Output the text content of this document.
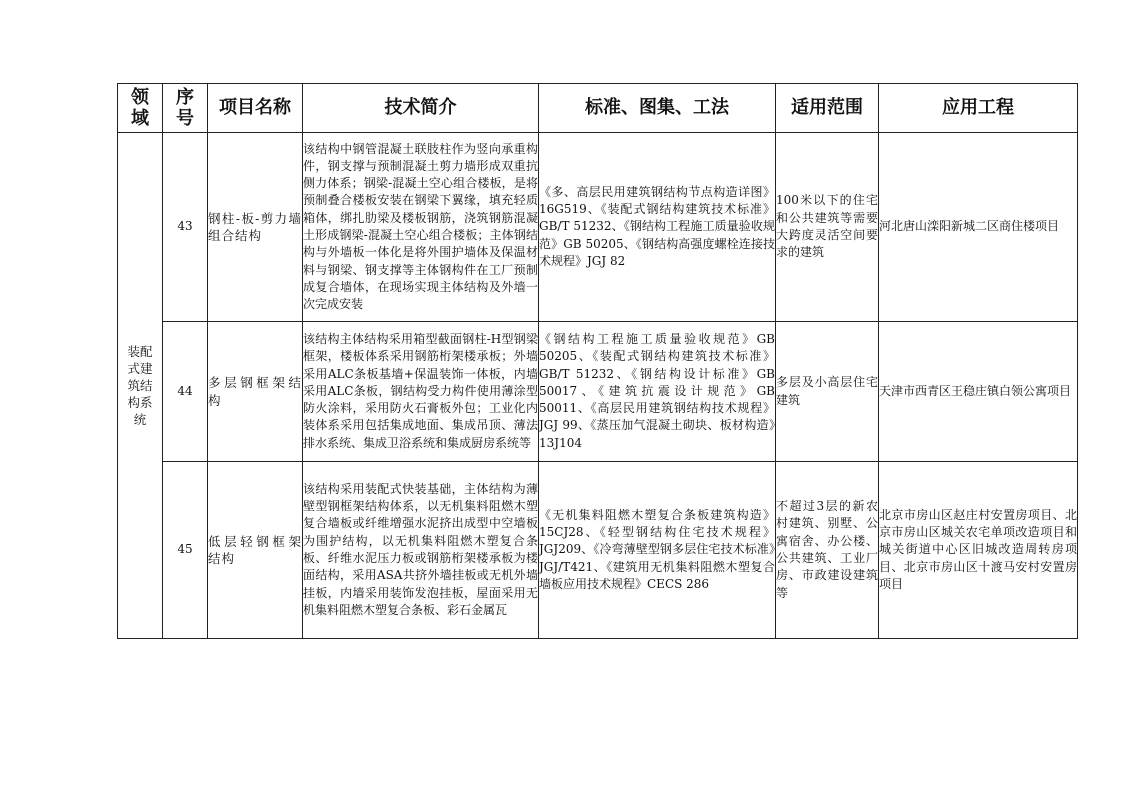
领域	序号	项目名称	技术简介	标准、图集、工法	适用范围	应用工程
装配式建筑结构系统	43	钢柱-板-剪力墙组合结构	该结构中钢管混凝土联肢柱作为竖向承重构件，钢支撑与预制混凝土剪力墙形成双重抗侧力体系；钢梁-混凝土空心组合楼板，是将预制叠合楼板安装在钢梁下翼缘，填充轻质箱体，绑扎肋梁及楼板钢筋，浇筑钢筋混凝土形成钢梁-混凝土空心组合楼板；主体钢结构与外墙板一体化是将外围护墙体及保温材料与钢梁、钢支撑等主体钢构件在工厂预制成复合墙体，在现场实现主体结构及外墙一次完成安装	《多、高层民用建筑钢结构节点构造详图》16G519、《装配式钢结构建筑技术标准》GB/T 51232、《钢结构工程施工质量验收规范》GB 50205、《钢结构高强度螺栓连接技术规程》JGJ 82	100米以下的住宅和公共建筑等需要大跨度灵活空间要求的建筑	河北唐山滦阳新城二区商住楼项目
	44	多层钢框架结构	该结构主体结构采用箱型截面钢柱-H型钢梁框架，楼板体系采用钢筋桁架楼承板；外墙采用ALC条板基墙+保温装饰一体板，内墙采用ALC条板，钢结构受力构件使用薄涂型防火涂料，采用防火石膏板外包；工业化内装体系采用包括集成地面、集成吊顶、薄法排水系统、集成卫浴系统和集成厨房系统等	《钢结构工程施工质量验收规范》GB 50205、《装配式钢结构建筑技术标准》GB/T 51232、《钢结构设计标准》GB 50017、《建筑抗震设计规范》GB 50011、《高层民用建筑钢结构技术规程》JGJ 99、《蒸压加气混凝土砌块、板材构造》13J104	多层及小高层住宅建筑	天津市西青区王稳庄镇白领公寓项目
	45	低层轻钢框架结构	该结构采用装配式快装基础，主体结构为薄壁型钢框架结构体系，以无机集料阻燃木塑复合墙板或纤维增强水泥挤出成型中空墙板为围护结构，以无机集料阻燃木塑复合条板、纤维水泥压力板或钢筋桁架楼承板为楼面结构，采用ASA共挤外墙挂板或无机外墙挂板，内墙采用装饰发泡挂板，屋面采用无机集料阻燃木塑复合条板、彩石金属瓦	《无机集料阻燃木塑复合条板建筑构造》15CJ28、《轻型钢结构住宅技术规程》JGJ209、《冷弯薄壁型钢多层住宅技术标准》JGJ/T421、《建筑用无机集料阻燃木塑复合墙板应用技术规程》CECS 286	不超过3层的新农村建筑、别墅、公寓宿舍、办公楼、公共建筑、工业厂房、市政建设建筑等	北京市房山区赵庄村安置房项目、北京市房山区城关农宅单项改造项目和城关街道中心区旧城改造周转房项目、北京市房山区十渡马安村安置房项目
